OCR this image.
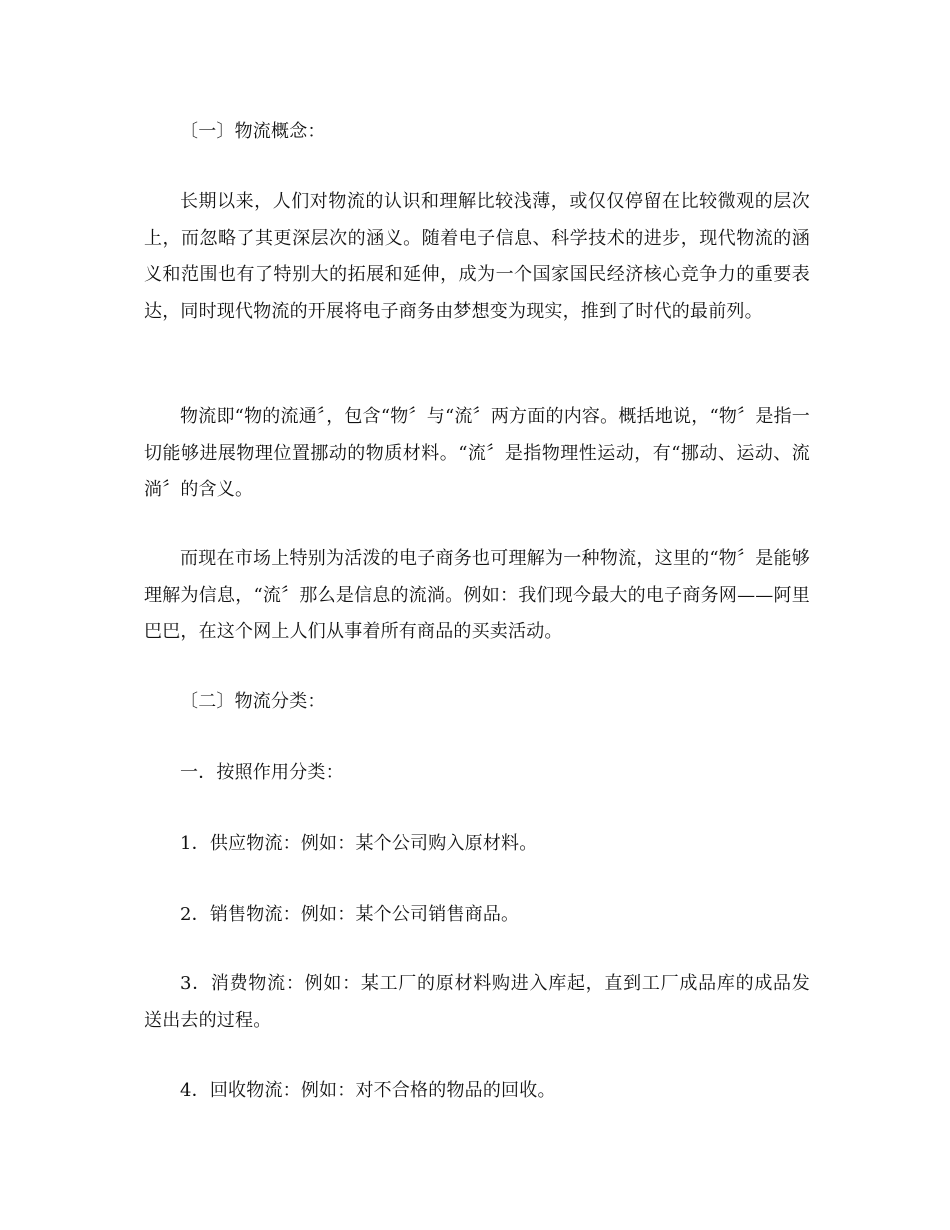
〔一〕物流概念：

长期以来，人们对物流的认识和理解比较浅薄，或仅仅停留在比较微观的层次上，而忽略了其更深层次的涵义。随着电子信息、科学技术的进步，现代物流的涵义和范围也有了特别大的拓展和延伸，成为一个国家国民经济核心竞争力的重要表达，同时现代物流的开展将电子商务由梦想变为现实，推到了时代的最前列。

物流即“物的流通〞，包含“物〞与“流〞两方面的内容。概括地说，“物〞是指一切能够进展物理位置挪动的物质材料。“流〞是指物理性运动，有“挪动、运动、流淌〞的含义。

而现在市场上特别为活泼的电子商务也可理解为一种物流，这里的“物〞是能够理解为信息，“流〞那么是信息的流淌。例如：我们现今最大的电子商务网——阿里巴巴，在这个网上人们从事着所有商品的买卖活动。

〔二〕物流分类：

一．按照作用分类：

1．供应物流：例如：某个公司购入原材料。

2．销售物流：例如：某个公司销售商品。

3．消费物流：例如：某工厂的原材料购进入库起，直到工厂成品库的成品发送出去的过程。

4．回收物流：例如：对不合格的物品的回收。
